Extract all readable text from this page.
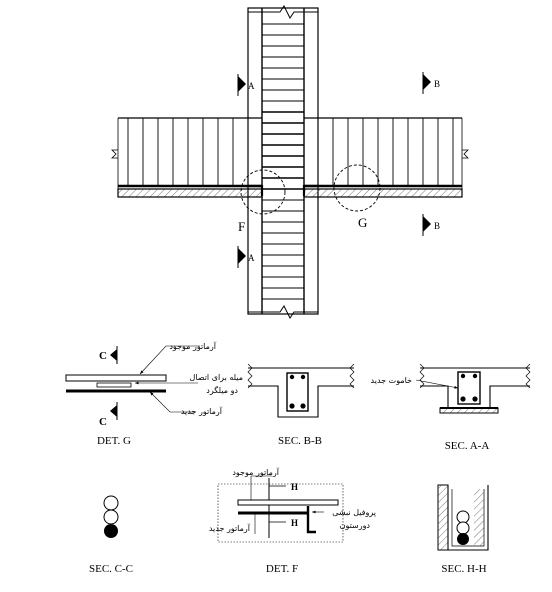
F	G
A
A
B
B
C
C
آرماتور موجود
میله برای اتصال
دو میلگرد
آرماتور جدید
DET. G	SEC. B-B
خاموت جدید
SEC. A-A
SEC. C-C
H
H
آرماتور موجود
آرماتور جدید
پروفیل نبشی
دورستون
DET. F	SEC. H-H
